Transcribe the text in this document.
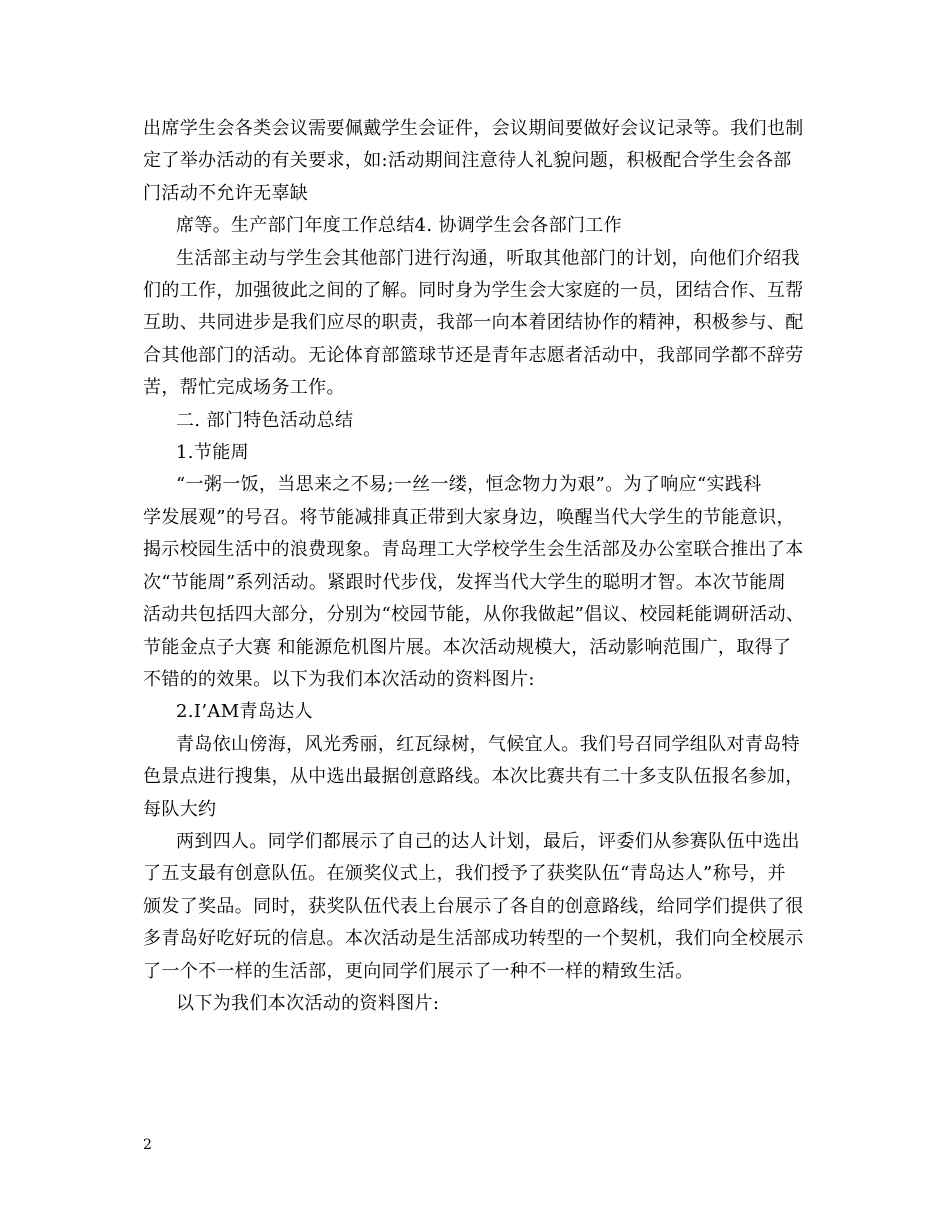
出席学生会各类会议需要佩戴学生会证件，会议期间要做好会议记录等。我们也制
定了举办活动的有关要求，如:活动期间注意待人礼貌问题，积极配合学生会各部
门活动不允许无辜缺
席等。生产部门年度工作总结4. 协调学生会各部门工作
生活部主动与学生会其他部门进行沟通，听取其他部门的计划，向他们介绍我
们的工作，加强彼此之间的了解。同时身为学生会大家庭的一员，团结合作、互帮
互助、共同进步是我们应尽的职责，我部一向本着团结协作的精神，积极参与、配
合其他部门的活动。无论体育部篮球节还是青年志愿者活动中，我部同学都不辞劳
苦，帮忙完成场务工作。
二. 部门特色活动总结
1.节能周
“一粥一饭，当思来之不易;一丝一缕，恒念物力为艰”。为了响应“实践科
学发展观”的号召。将节能减排真正带到大家身边，唤醒当代大学生的节能意识，
揭示校园生活中的浪费现象。青岛理工大学校学生会生活部及办公室联合推出了本
次“节能周”系列活动。紧跟时代步伐，发挥当代大学生的聪明才智。本次节能周
活动共包括四大部分，分别为“校园节能，从你我做起”倡议、校园耗能调研活动、
节能金点子大赛 和能源危机图片展。本次活动规模大，活动影响范围广，取得了
不错的的效果。以下为我们本次活动的资料图片:
2.I’AM青岛达人
青岛依山傍海，风光秀丽，红瓦绿树，气候宜人。我们号召同学组队对青岛特
色景点进行搜集，从中选出最据创意路线。本次比赛共有二十多支队伍报名参加，
每队大约
两到四人。同学们都展示了自己的达人计划，最后，评委们从参赛队伍中选出
了五支最有创意队伍。在颁奖仪式上，我们授予了获奖队伍“青岛达人”称号，并
颁发了奖品。同时，获奖队伍代表上台展示了各自的创意路线，给同学们提供了很
多青岛好吃好玩的信息。本次活动是生活部成功转型的一个契机，我们向全校展示
了一个不一样的生活部，更向同学们展示了一种不一样的精致生活。
以下为我们本次活动的资料图片:
2
